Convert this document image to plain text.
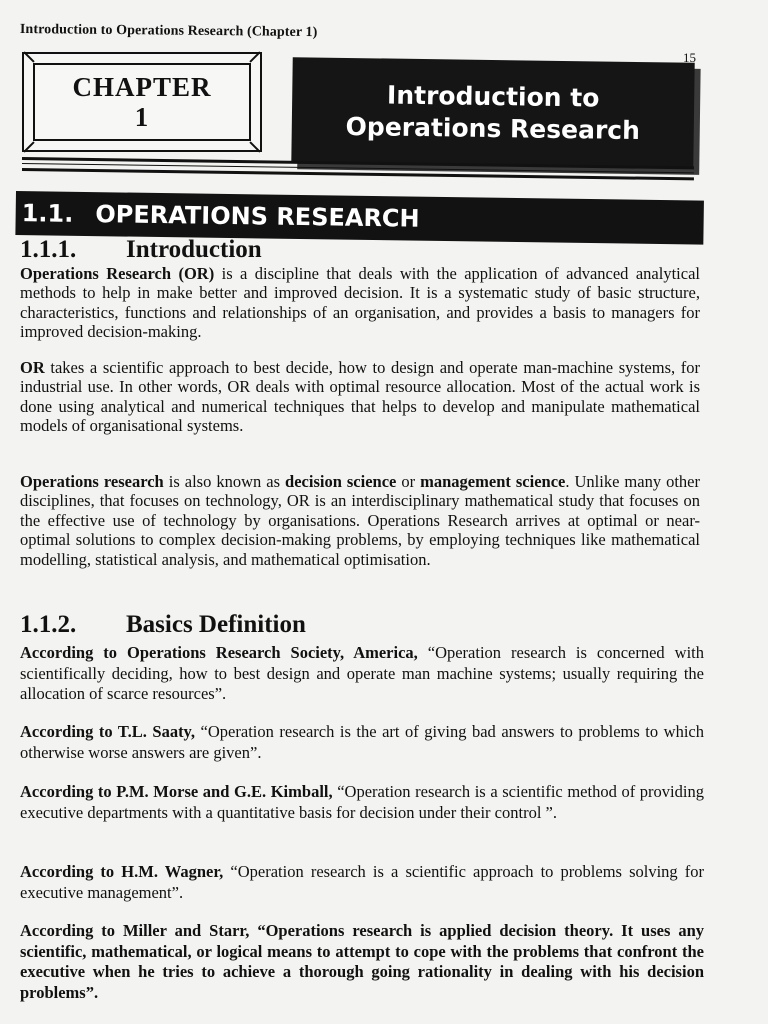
Introduction to Operations Research (Chapter 1)
15
CHAPTER
1
Introduction to
Operations Research
1.1. OPERATIONS RESEARCH
1.1.1. Introduction

Operations Research (OR) is a discipline that deals with the application of advanced analytical methods to help in make better and improved decision. It is a systematic study of basic structure, characteristics, functions and relationships of an organisation, and provides a basis to managers for improved decision-making.

OR takes a scientific approach to best decide, how to design and operate man-machine systems, for industrial use. In other words, OR deals with optimal resource allocation. Most of the actual work is done using analytical and numerical techniques that helps to develop and manipulate mathematical models of organisational systems.

Operations research is also known as decision science or management science. Unlike many other disciplines, that focuses on technology, OR is an interdisciplinary mathematical study that focuses on the effective use of technology by organisations. Operations Research arrives at optimal or near-optimal solutions to complex decision-making problems, by employing techniques like mathematical modelling, statistical analysis, and mathematical optimisation.

1.1.2. Basics Definition

According to Operations Research Society, America, “Operation research is concerned with scientifically deciding, how to best design and operate man machine systems; usually requiring the allocation of scarce resources”.

According to T.L. Saaty, “Operation research is the art of giving bad answers to problems to which otherwise worse answers are given”.

According to P.M. Morse and G.E. Kimball, “Operation research is a scientific method of providing executive departments with a quantitative basis for decision under their control ”.

According to H.M. Wagner, “Operation research is a scientific approach to problems solving for executive management”.

According to Miller and Starr, “Operations research is applied decision theory. It uses any scientific, mathematical, or logical means to attempt to cope with the problems that confront the executive when he tries to achieve a thorough going rationality in dealing with his decision problems”.
